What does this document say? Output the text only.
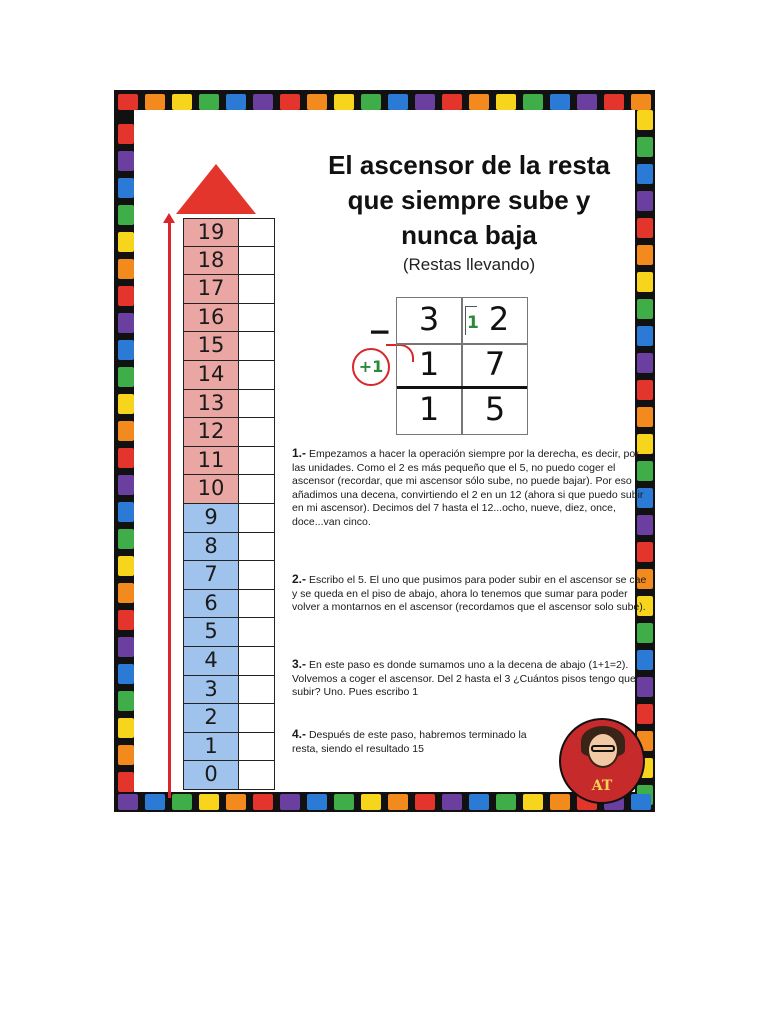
19
18
17
16
15
14
13
12
11
10
9
8
7
6
5
4
3
2
1
0
El ascensor de la resta
que siempre sube y
nunca baja
(Restas llevando)
−
+1
3	1 2
1	7
1	5
1.- Empezamos a hacer la operación siempre por la derecha, es decir, por las unidades. Como el 2 es más pequeño que el 5, no puedo coger el ascensor (recordar, que mi ascensor sólo sube, no puede bajar). Por eso añadimos una decena, convirtiendo el 2 en un 12 (ahora si que puedo subir en mi ascensor). Decimos del 7 hasta el 12...ocho, nueve, diez, once, doce...van cinco.
2.- Escribo el 5. El uno que pusimos para poder subir en el ascensor se cae y se queda en el piso de abajo, ahora lo tenemos que sumar para poder volver a montarnos en el ascensor (recordamos que el ascensor solo sube).
3.- En este paso es donde sumamos uno a la decena de abajo (1+1=2). Volvemos a coger el ascensor. Del 2 hasta el 3 ¿Cuántos pisos tengo que subir? Uno. Pues escribo 1
4.- Después de este paso, habremos terminado la resta, siendo el resultado 15
AT
